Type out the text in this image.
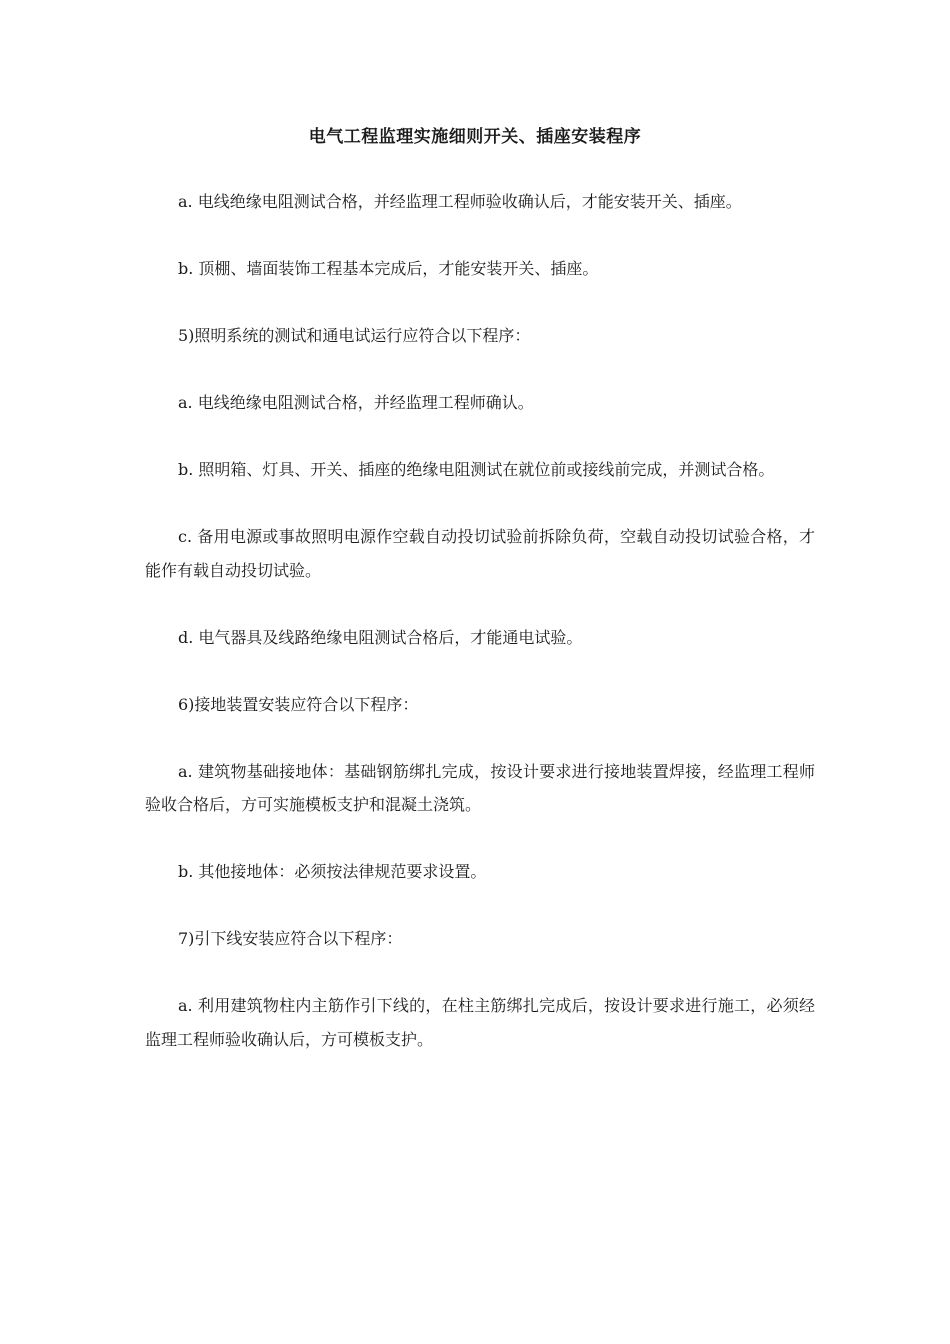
电气工程监理实施细则开关、插座安装程序

a. 电线绝缘电阻测试合格，并经监理工程师验收确认后，才能安装开关、插座。

b. 顶棚、墙面装饰工程基本完成后，才能安装开关、插座。

5)照明系统的测试和通电试运行应符合以下程序：

a. 电线绝缘电阻测试合格，并经监理工程师确认。

b. 照明箱、灯具、开关、插座的绝缘电阻测试在就位前或接线前完成，并测试合格。

c. 备用电源或事故照明电源作空载自动投切试验前拆除负荷，空载自动投切试验合格，才能作有载自动投切试验。

d. 电气器具及线路绝缘电阻测试合格后，才能通电试验。

6)接地装置安装应符合以下程序：

a. 建筑物基础接地体：基础钢筋绑扎完成，按设计要求进行接地装置焊接，经监理工程师验收合格后，方可实施模板支护和混凝土浇筑。

b. 其他接地体：必须按法律规范要求设置。

7)引下线安装应符合以下程序：

a. 利用建筑物柱内主筋作引下线的，在柱主筋绑扎完成后，按设计要求进行施工，必须经监理工程师验收确认后，方可模板支护。
